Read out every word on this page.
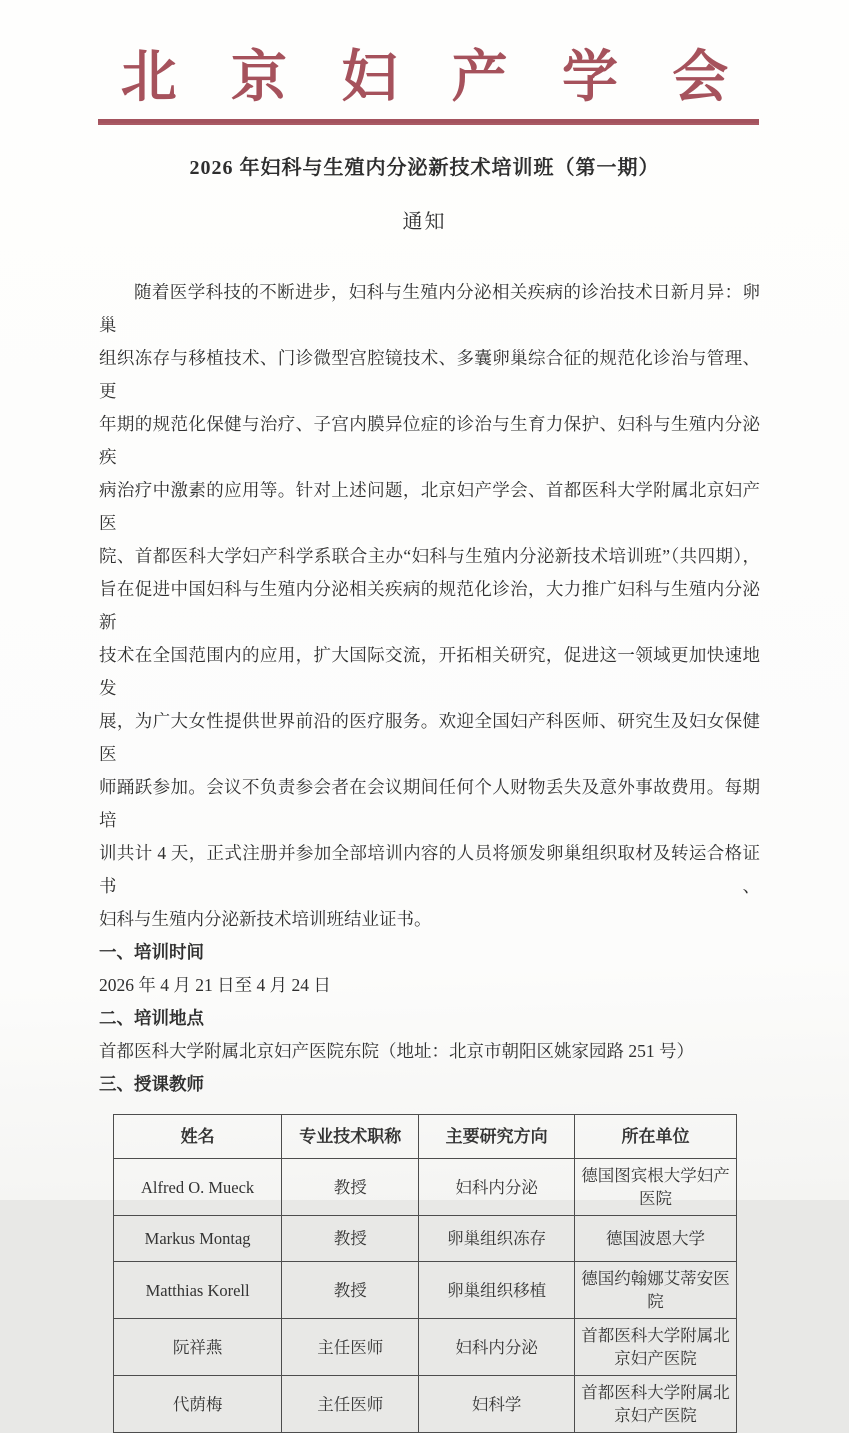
北 京 妇 产 学 会
2026 年妇科与生殖内分泌新技术培训班（第一期）
通知
随着医学科技的不断进步，妇科与生殖内分泌相关疾病的诊治技术日新月异：卵巢
组织冻存与移植技术、门诊微型宫腔镜技术、多囊卵巢综合征的规范化诊治与管理、更
年期的规范化保健与治疗、子宫内膜异位症的诊治与生育力保护、妇科与生殖内分泌疾
病治疗中激素的应用等。针对上述问题，北京妇产学会、首都医科大学附属北京妇产医
院、首都医科大学妇产科学系联合主办“妇科与生殖内分泌新技术培训班”（共四期），
旨在促进中国妇科与生殖内分泌相关疾病的规范化诊治，大力推广妇科与生殖内分泌新
技术在全国范围内的应用，扩大国际交流，开拓相关研究，促进这一领域更加快速地发
展，为广大女性提供世界前沿的医疗服务。欢迎全国妇产科医师、研究生及妇女保健医
师踊跃参加。会议不负责参会者在会议期间任何个人财物丢失及意外事故费用。每期培
训共计 4 天，正式注册并参加全部培训内容的人员将颁发卵巢组织取材及转运合格证书、
妇科与生殖内分泌新技术培训班结业证书。
一、培训时间
2026 年 4 月 21 日至 4 月 24 日
二、培训地点
首都医科大学附属北京妇产医院东院（地址：北京市朝阳区姚家园路 251 号）
三、授课教师
姓名	专业技术职称	主要研究方向	所在单位
Alfred O. Mueck	教授	妇科内分泌	德国图宾根大学妇产医院
Markus Montag	教授	卵巢组织冻存	德国波恩大学
Matthias Korell	教授	卵巢组织移植	德国约翰娜艾蒂安医院
阮祥燕	主任医师	妇科内分泌	首都医科大学附属北京妇产医院
代荫梅	主任医师	妇科学	首都医科大学附属北京妇产医院
